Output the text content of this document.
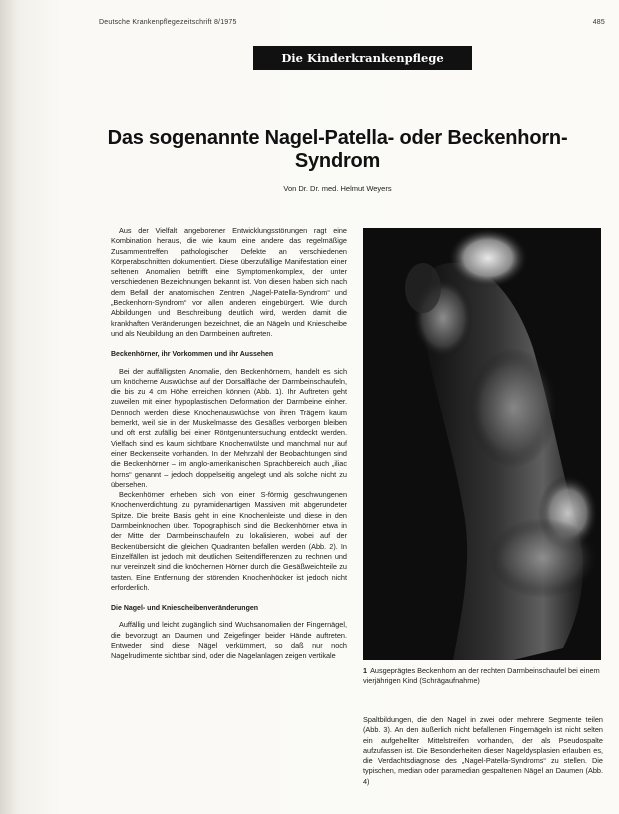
Deutsche Krankenpflegezeitschrift 8/1975	485
Die Kinderkrankenpflege
Das sogenannte Nagel-Patella- oder Beckenhorn-Syndrom
Von Dr. Dr. med. Helmut Weyers

Aus der Vielfalt angeborener Entwicklungsstörungen ragt eine Kombination heraus, die wie kaum eine andere das regelmäßige Zusammentreffen pathologischer Defekte an verschiedenen Körperabschnitten dokumentiert. Diese überzufällige Manifestation einer seltenen Anomalien betrifft eine Symptomenkomplex, der unter verschiedenen Bezeichnungen bekannt ist. Von diesen haben sich nach dem Befall der anatomischen Zentren „Nagel-Patella-Syndrom“ und „Beckenhorn-Syndrom“ vor allen anderen eingebürgert. Wie durch Abbildungen und Beschreibung deutlich wird, werden damit die krankhaften Veränderungen bezeichnet, die an Nägeln und Kniescheibe und als Neubildung an den Darmbeinen auftreten.

Beckenhörner, ihr Vorkommen und ihr Aussehen

Bei der auffälligsten Anomalie, den Beckenhörnern, handelt es sich um knöcherne Auswüchse auf der Dorsalfläche der Darmbeinschaufeln, die bis zu 4 cm Höhe erreichen können (Abb. 1). Ihr Auftreten geht zuweilen mit einer hypoplastischen Deformation der Darmbeine einher. Dennoch werden diese Knochenauswüchse von ihren Trägern kaum bemerkt, weil sie in der Muskelmasse des Gesäßes verborgen bleiben und oft erst zufällig bei einer Röntgenuntersuchung entdeckt werden. Vielfach sind es kaum sichtbare Knochenwülste und manchmal nur auf einer Beckenseite vorhanden. In der Mehrzahl der Beobachtungen sind die Beckenhörner – im anglo-amerikanischen Sprachbereich auch „iliac horns“ genannt – jedoch doppelseitig angelegt und als solche nicht zu übersehen.

Beckenhörner erheben sich von einer S-förmig geschwungenen Knochenverdichtung zu pyramidenartigen Massiven mit abgerundeter Spitze. Die breite Basis geht in eine Knochenleiste und diese in den Darmbeinknochen über. Topographisch sind die Beckenhörner etwa in der Mitte der Darmbeinschaufeln zu lokalisieren, wobei auf der Beckenübersicht die gleichen Quadranten befallen werden (Abb. 2). In Einzelfällen ist jedoch mit deutlichen Seitendifferenzen zu rechnen und nur vereinzelt sind die knöchernen Hörner durch die Gesäßweichteile zu tasten. Eine Entfernung der störenden Knochenhöcker ist jedoch nicht erforderlich.

Die Nagel- und Kniescheibenveränderungen

Auffällig und leicht zugänglich sind Wuchsanomalien der Fingernägel, die bevorzugt an Daumen und Zeigefinger beider Hände auftreten. Entweder sind diese Nägel verkümmert, so daß nur noch Nagelrudimente sichtbar sind, oder die Nagelanlagen zeigen vertikale

1 Ausgeprägtes Beckenhorn an der rechten Darmbeinschaufel bei einem vierjährigen Kind (Schrägaufnahme)

Spaltbildungen, die den Nagel in zwei oder mehrere Segmente teilen (Abb. 3). An den äußerlich nicht befallenen Fingernägeln ist nicht selten ein aufgehellter Mittelstreifen vorhanden, der als Pseudospalte aufzufassen ist. Die Besonderheiten dieser Nageldysplasien erlauben es, die Verdachtsdiagnose des „Nagel-Patella-Syndroms“ zu stellen. Die typischen, median oder paramedian gespaltenen Nägel an Daumen (Abb. 4)
